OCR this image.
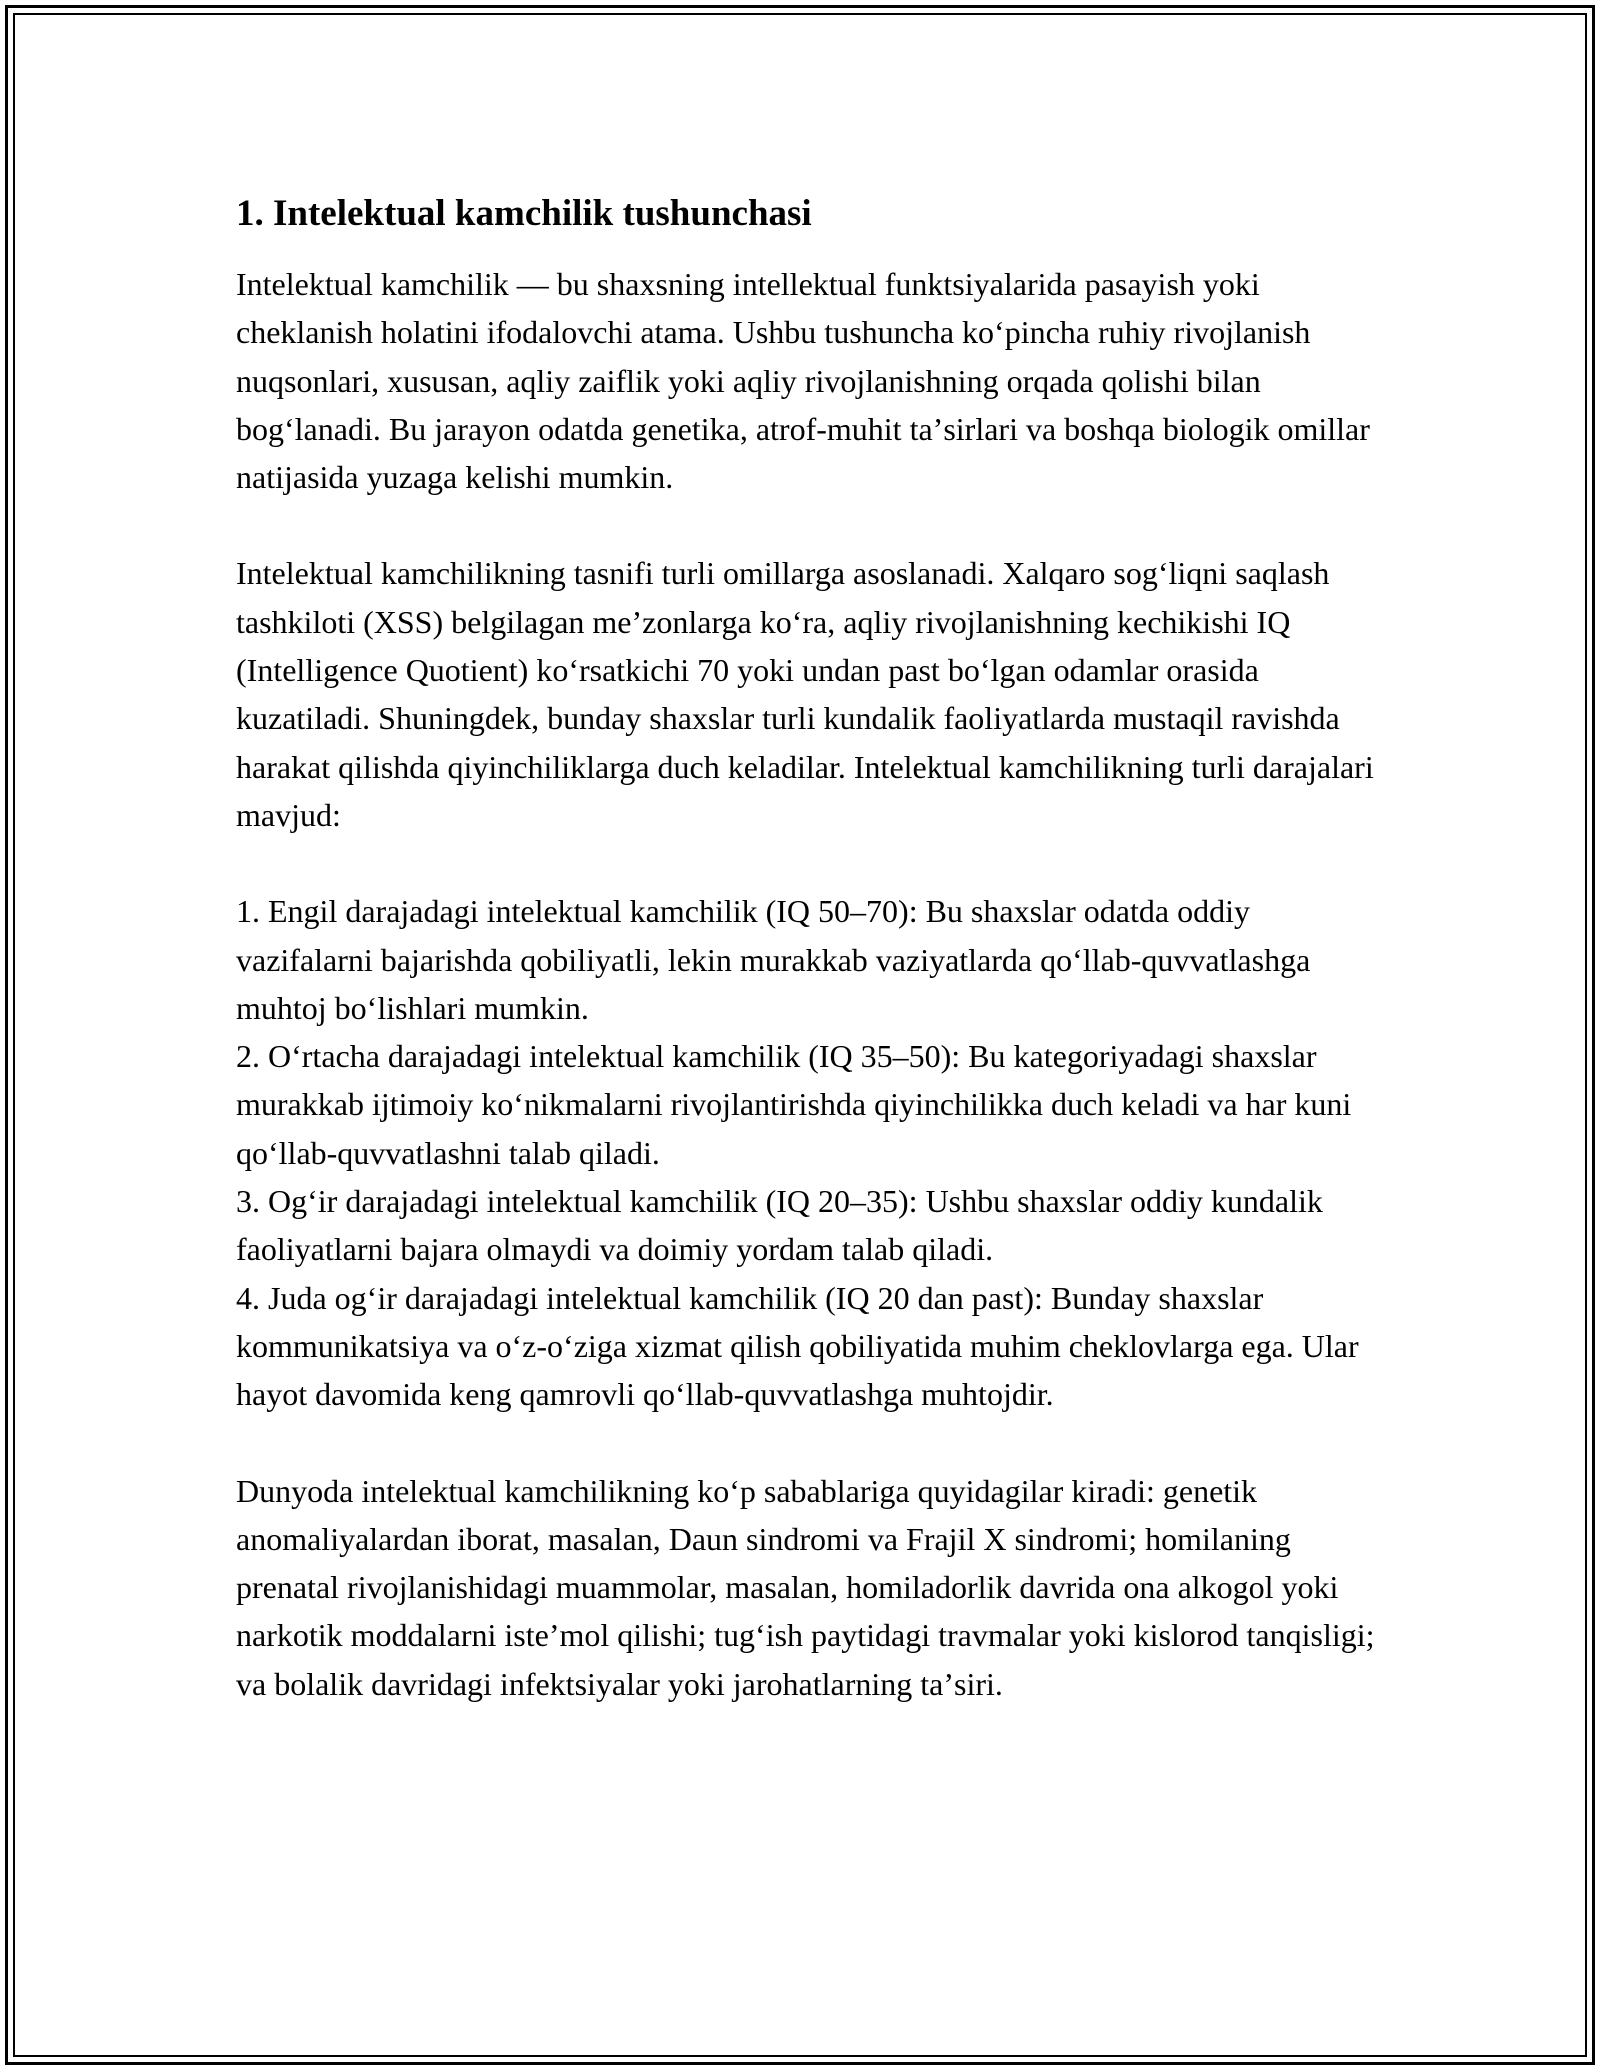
1. Intelektual kamchilik tushunchasi

Intelektual kamchilik — bu shaxsning intellektual funktsiyalarida pasayish yoki cheklanish holatini ifodalovchi atama. Ushbu tushuncha koʻpincha ruhiy rivojlanish nuqsonlari, xususan, aqliy zaiflik yoki aqliy rivojlanishning orqada qolishi bilan bogʻlanadi. Bu jarayon odatda genetika, atrof-muhit taʼsirlari va boshqa biologik omillar natijasida yuzaga kelishi mumkin.

Intelektual kamchilikning tasnifi turli omillarga asoslanadi. Xalqaro sogʻliqni saqlash tashkiloti (XSS) belgilagan meʼzonlarga koʻra, aqliy rivojlanishning kechikishi IQ (Intelligence Quotient) koʻrsatkichi 70 yoki undan past boʻlgan odamlar orasida kuzatiladi. Shuningdek, bunday shaxslar turli kundalik faoliyatlarda mustaqil ravishda harakat qilishda qiyinchiliklarga duch keladilar. Intelektual kamchilikning turli darajalari mavjud:

1. Engil darajadagi intelektual kamchilik (IQ 50–70): Bu shaxslar odatda oddiy vazifalarni bajarishda qobiliyatli, lekin murakkab vaziyatlarda qoʻllab-quvvatlashga muhtoj boʻlishlari mumkin.
2. Oʻrtacha darajadagi intelektual kamchilik (IQ 35–50): Bu kategoriyadagi shaxslar murakkab ijtimoiy koʻnikmalarni rivojlantirishda qiyinchilikka duch keladi va har kuni qoʻllab-quvvatlashni talab qiladi.
3. Ogʻir darajadagi intelektual kamchilik (IQ 20–35): Ushbu shaxslar oddiy kundalik faoliyatlarni bajara olmaydi va doimiy yordam talab qiladi.
4. Juda ogʻir darajadagi intelektual kamchilik (IQ 20 dan past): Bunday shaxslar kommunikatsiya va oʻz-oʻziga xizmat qilish qobiliyatida muhim cheklovlarga ega. Ular hayot davomida keng qamrovli qoʻllab-quvvatlashga muhtojdir.

Dunyoda intelektual kamchilikning koʻp sabablariga quyidagilar kiradi: genetik anomaliyalardan iborat, masalan, Daun sindromi va Frajil X sindromi; homilaning prenatal rivojlanishidagi muammolar, masalan, homiladorlik davrida ona alkogol yoki narkotik moddalarni isteʼmol qilishi; tugʻish paytidagi travmalar yoki kislorod tanqisligi; va bolalik davridagi infektsiyalar yoki jarohatlarning taʼsiri.
